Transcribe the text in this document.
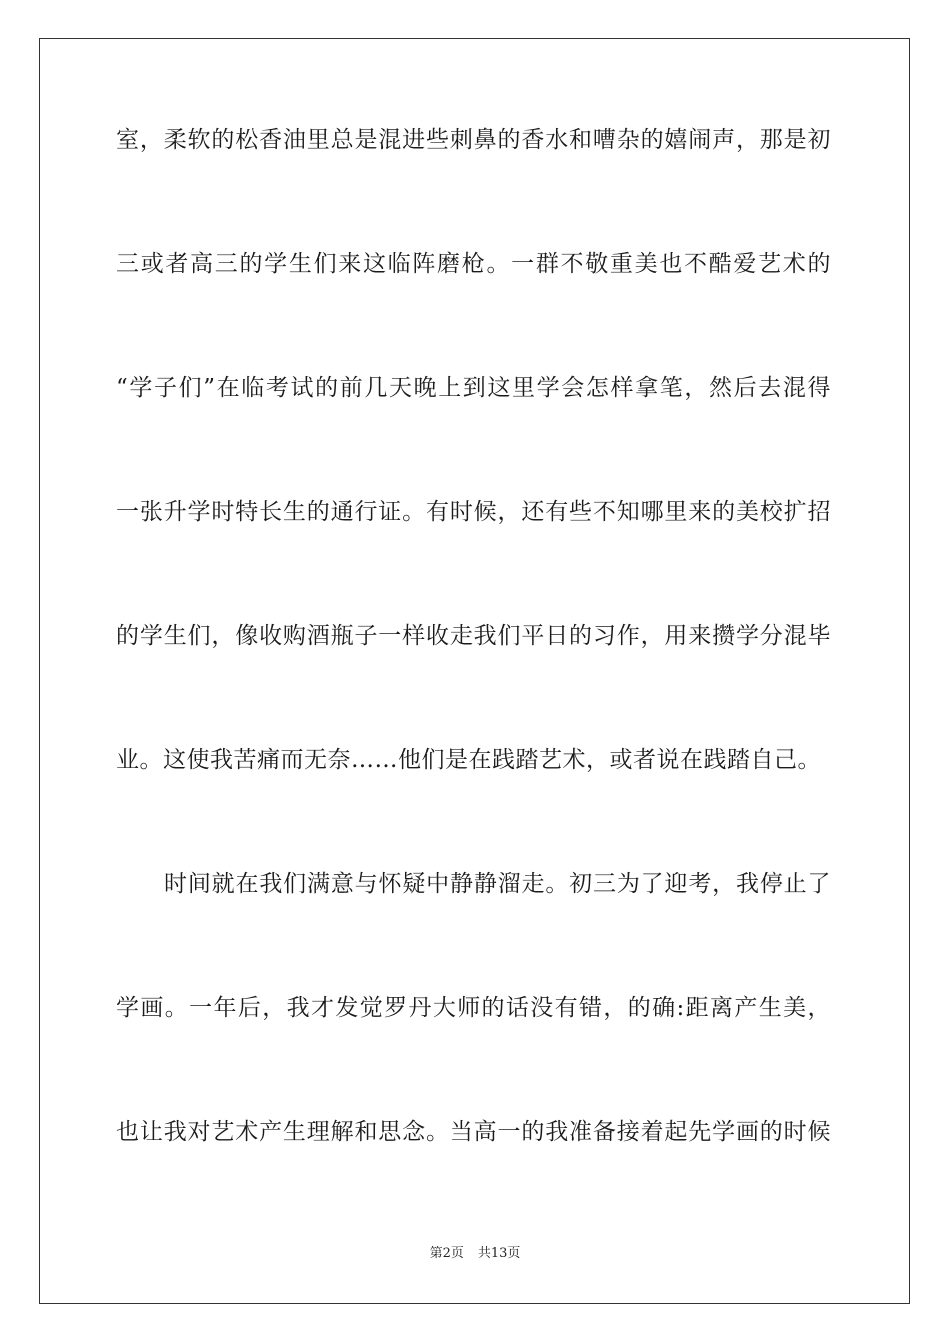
室，柔软的松香油里总是混进些刺鼻的香水和嘈杂的嬉闹声，那是初

三或者高三的学生们来这临阵磨枪。一群不敬重美也不酷爱艺术的

“学子们”在临考试的前几天晚上到这里学会怎样拿笔，然后去混得

一张升学时特长生的通行证。有时候，还有些不知哪里来的美校扩招

的学生们，像收购酒瓶子一样收走我们平日的习作，用来攒学分混毕

业。这使我苦痛而无奈……他们是在践踏艺术，或者说在践踏自己。

时间就在我们满意与怀疑中静静溜走。初三为了迎考，我停止了

学画。一年后，我才发觉罗丹大师的话没有错，的确:距离产生美，

也让我对艺术产生理解和思念。当高一的我准备接着起先学画的时候

第2页 共13页
